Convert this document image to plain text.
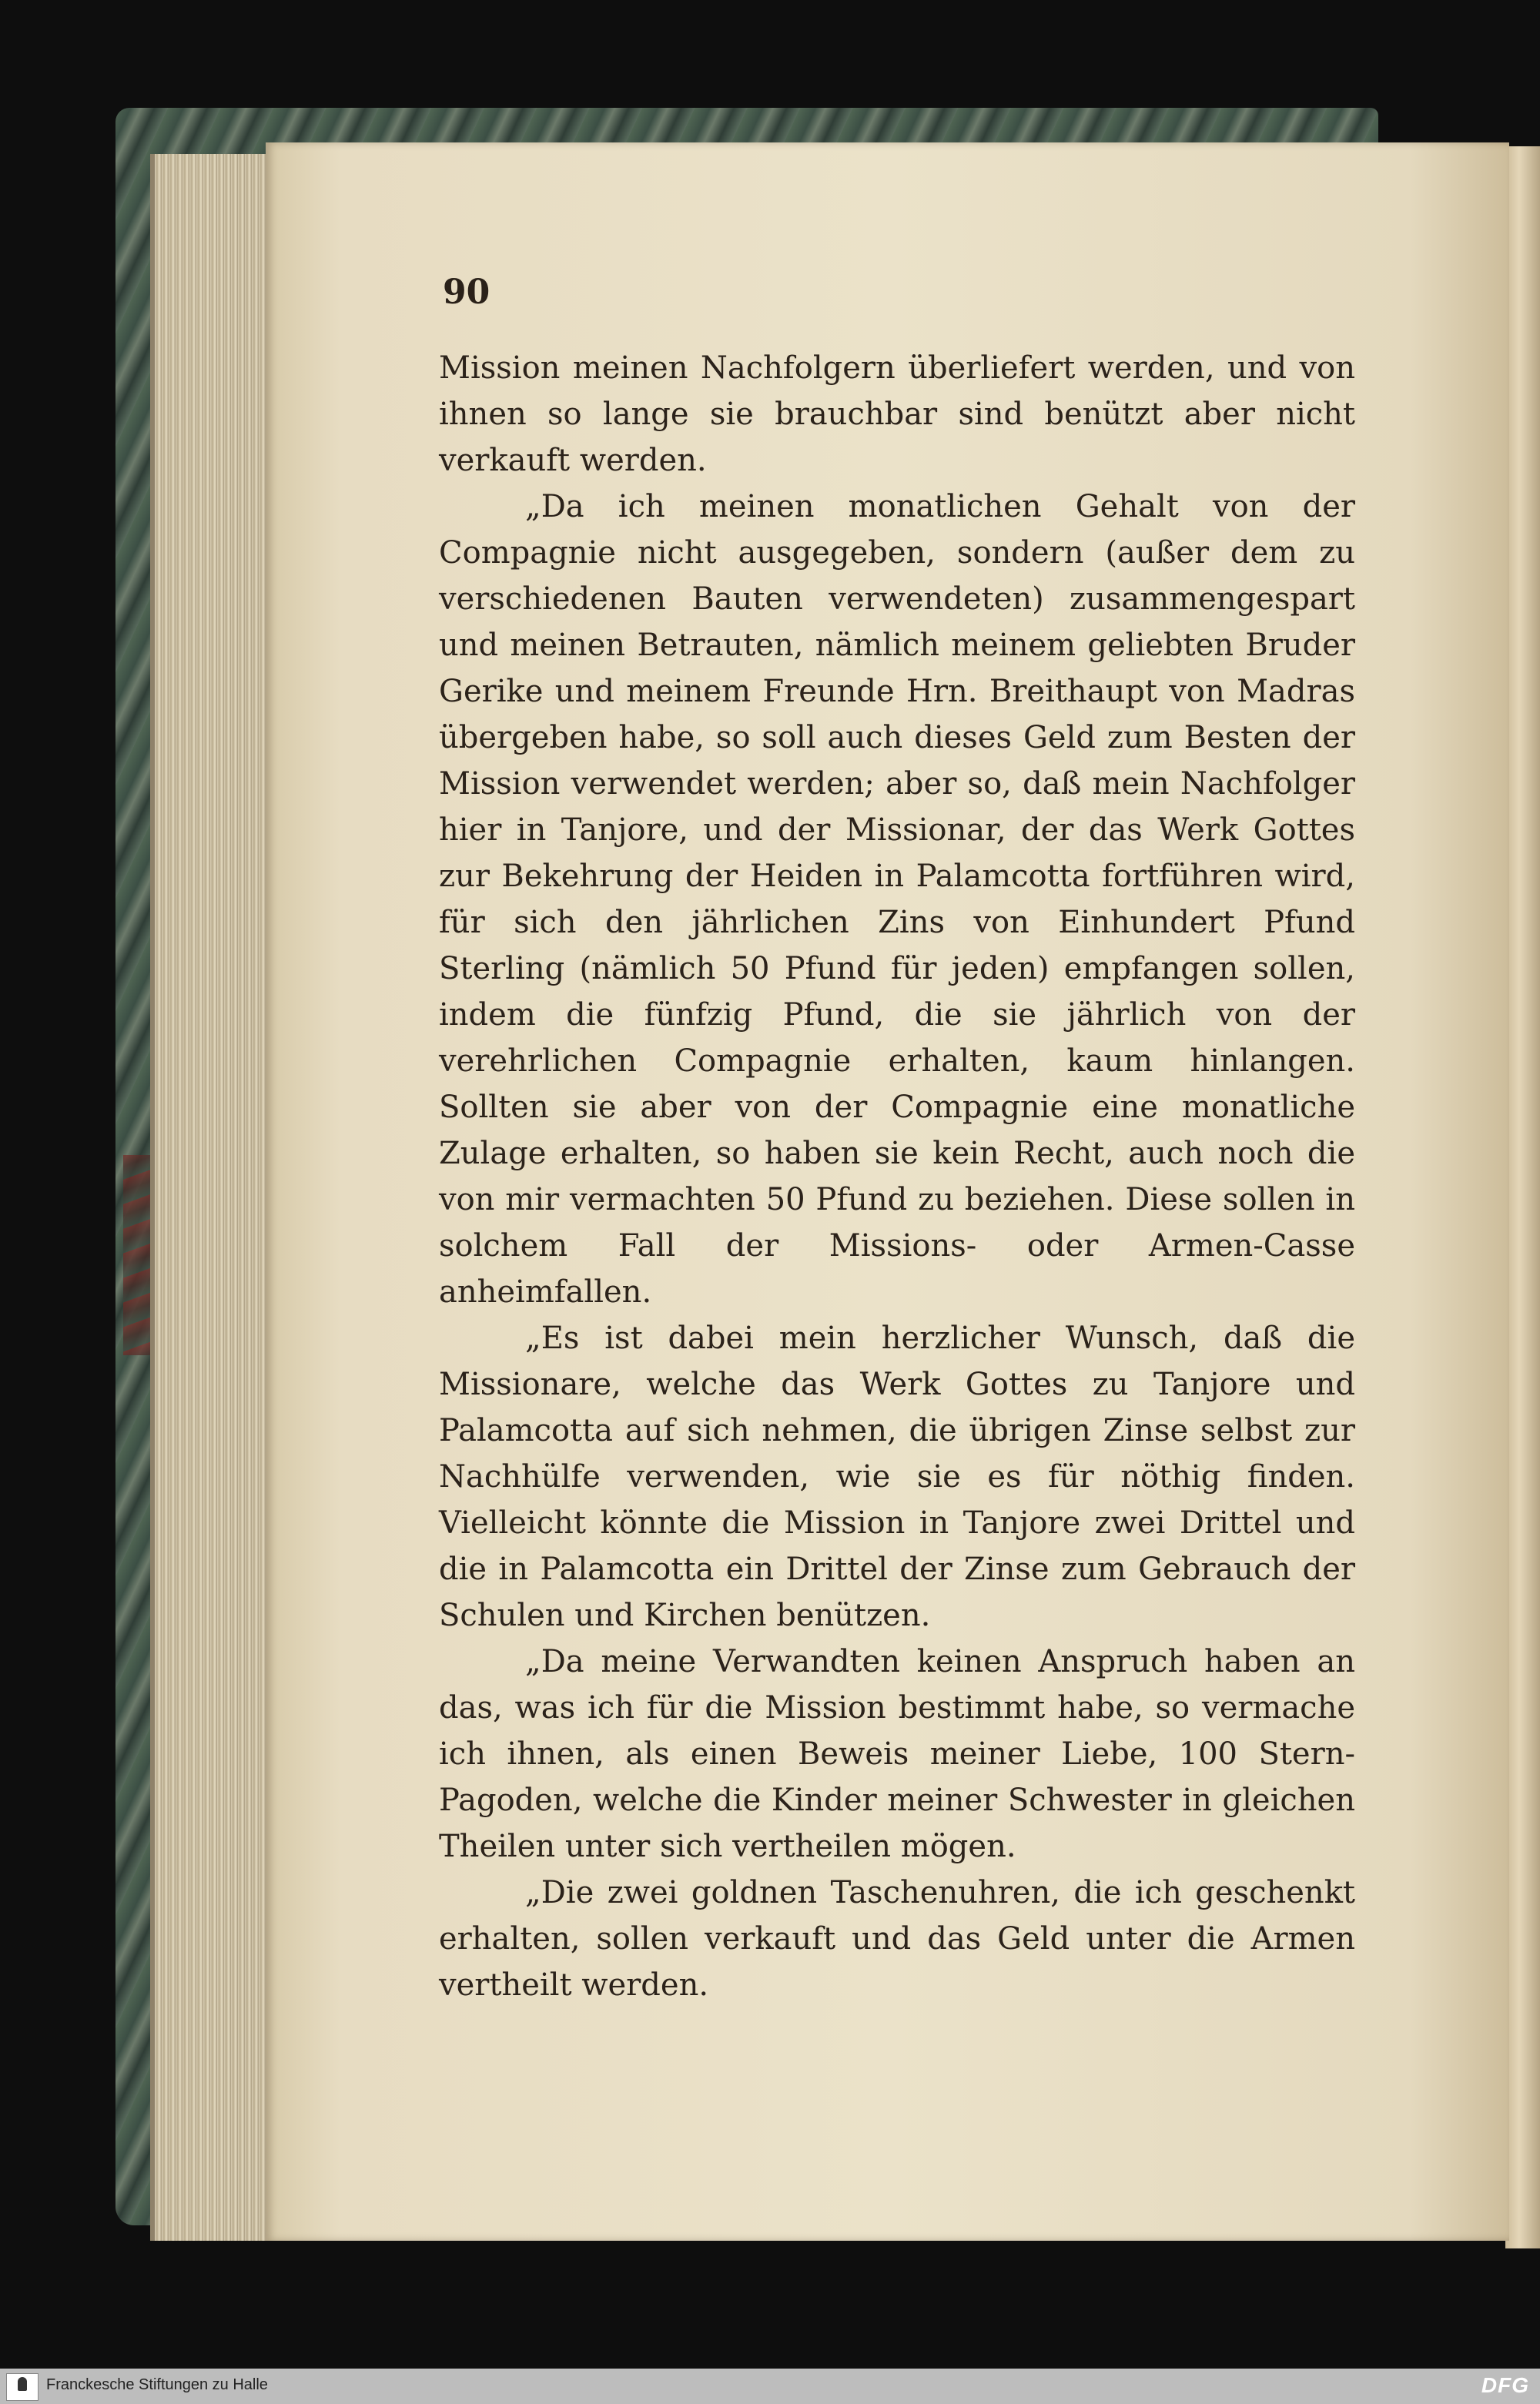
90

Mission meinen Nachfolgern überliefert werden, und von ihnen so lange sie brauchbar sind benützt aber nicht verkauft werden.

„Da ich meinen monatlichen Gehalt von der Compagnie nicht ausgegeben, sondern (außer dem zu verschiedenen Bauten verwendeten) zusammengespart und meinen Betrauten, nämlich meinem geliebten Bruder Gerike und meinem Freunde Hrn. Breithaupt von Madras übergeben habe, so soll auch dieses Geld zum Besten der Mission verwendet werden; aber so, daß mein Nachfolger hier in Tanjore, und der Missionar, der das Werk Gottes zur Bekehrung der Heiden in Palamcotta fortführen wird, für sich den jährlichen Zins von Einhundert Pfund Sterling (nämlich 50 Pfund für jeden) empfangen sollen, indem die fünfzig Pfund, die sie jährlich von der verehrlichen Compagnie erhalten, kaum hinlangen. Sollten sie aber von der Compagnie eine monatliche Zulage erhalten, so haben sie kein Recht, auch noch die von mir vermachten 50 Pfund zu beziehen. Diese sollen in solchem Fall der Missions- oder Armen-Casse anheimfallen.

„Es ist dabei mein herzlicher Wunsch, daß die Missionare, welche das Werk Gottes zu Tanjore und Palamcotta auf sich nehmen, die übrigen Zinse selbst zur Nachhülfe verwenden, wie sie es für nöthig finden. Vielleicht könnte die Mission in Tanjore zwei Drittel und die in Palamcotta ein Drittel der Zinse zum Gebrauch der Schulen und Kirchen benützen.

„Da meine Verwandten keinen Anspruch haben an das, was ich für die Mission bestimmt habe, so vermache ich ihnen, als einen Beweis meiner Liebe, 100 Stern-Pagoden, welche die Kinder meiner Schwester in gleichen Theilen unter sich vertheilen mögen.

„Die zwei goldnen Taschenuhren, die ich geschenkt erhalten, sollen verkauft und das Geld unter die Armen vertheilt werden.

Franckesche Stiftungen zu Halle	DFG
